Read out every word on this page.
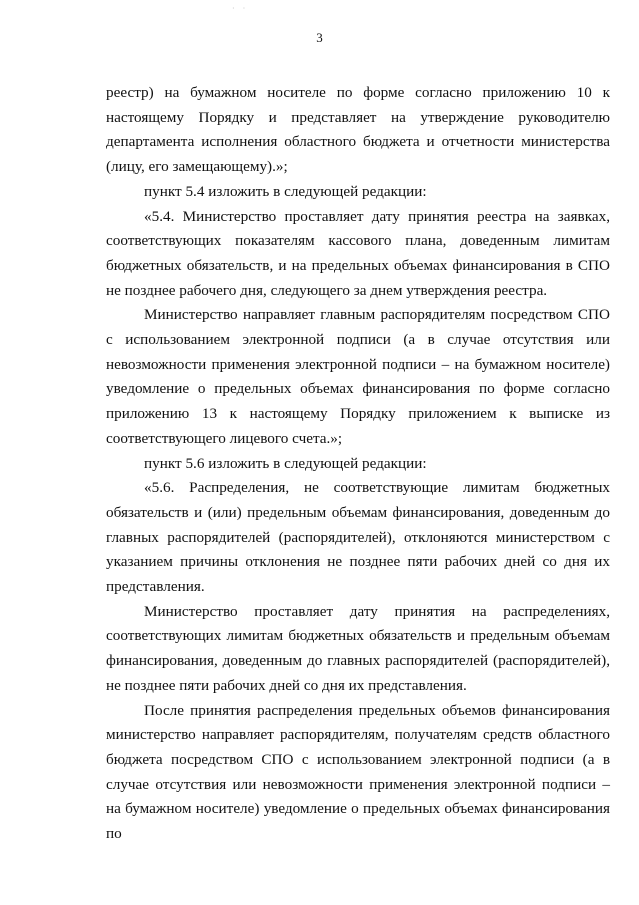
· ·
3

реестр) на бумажном носителе по форме согласно приложению 10 к настоящему Порядку и представляет на утверждение руководителю департамента исполнения областного бюджета и отчетности министерства (лицу, его замещающему).»;

пункт 5.4 изложить в следующей редакции:

«5.4. Министерство проставляет дату принятия реестра на заявках, соответствующих показателям кассового плана, доведенным лимитам бюджетных обязательств, и на предельных объемах финансирования в СПО не позднее рабочего дня, следующего за днем утверждения реестра.

Министерство направляет главным распорядителям посредством СПО с использованием электронной подписи (а в случае отсутствия или невозможности применения электронной подписи – на бумажном носителе) уведомление о предельных объемах финансирования по форме согласно приложению 13 к настоящему Порядку приложением к выписке из соответствующего лицевого счета.»;

пункт 5.6 изложить в следующей редакции:

«5.6. Распределения, не соответствующие лимитам бюджетных обязательств и (или) предельным объемам финансирования, доведенным до главных распорядителей (распорядителей), отклоняются министерством с указанием причины отклонения не позднее пяти рабочих дней со дня их представления.

Министерство проставляет дату принятия на распределениях, соответствующих лимитам бюджетных обязательств и предельным объемам финансирования, доведенным до главных распорядителей (распорядителей), не позднее пяти рабочих дней со дня их представления.

После принятия распределения предельных объемов финансирования министерство направляет распорядителям, получателям средств областного бюджета посредством СПО с использованием электронной подписи (а в случае отсутствия или невозможности применения электронной подписи – на бумажном носителе) уведомление о предельных объемах финансирования по
